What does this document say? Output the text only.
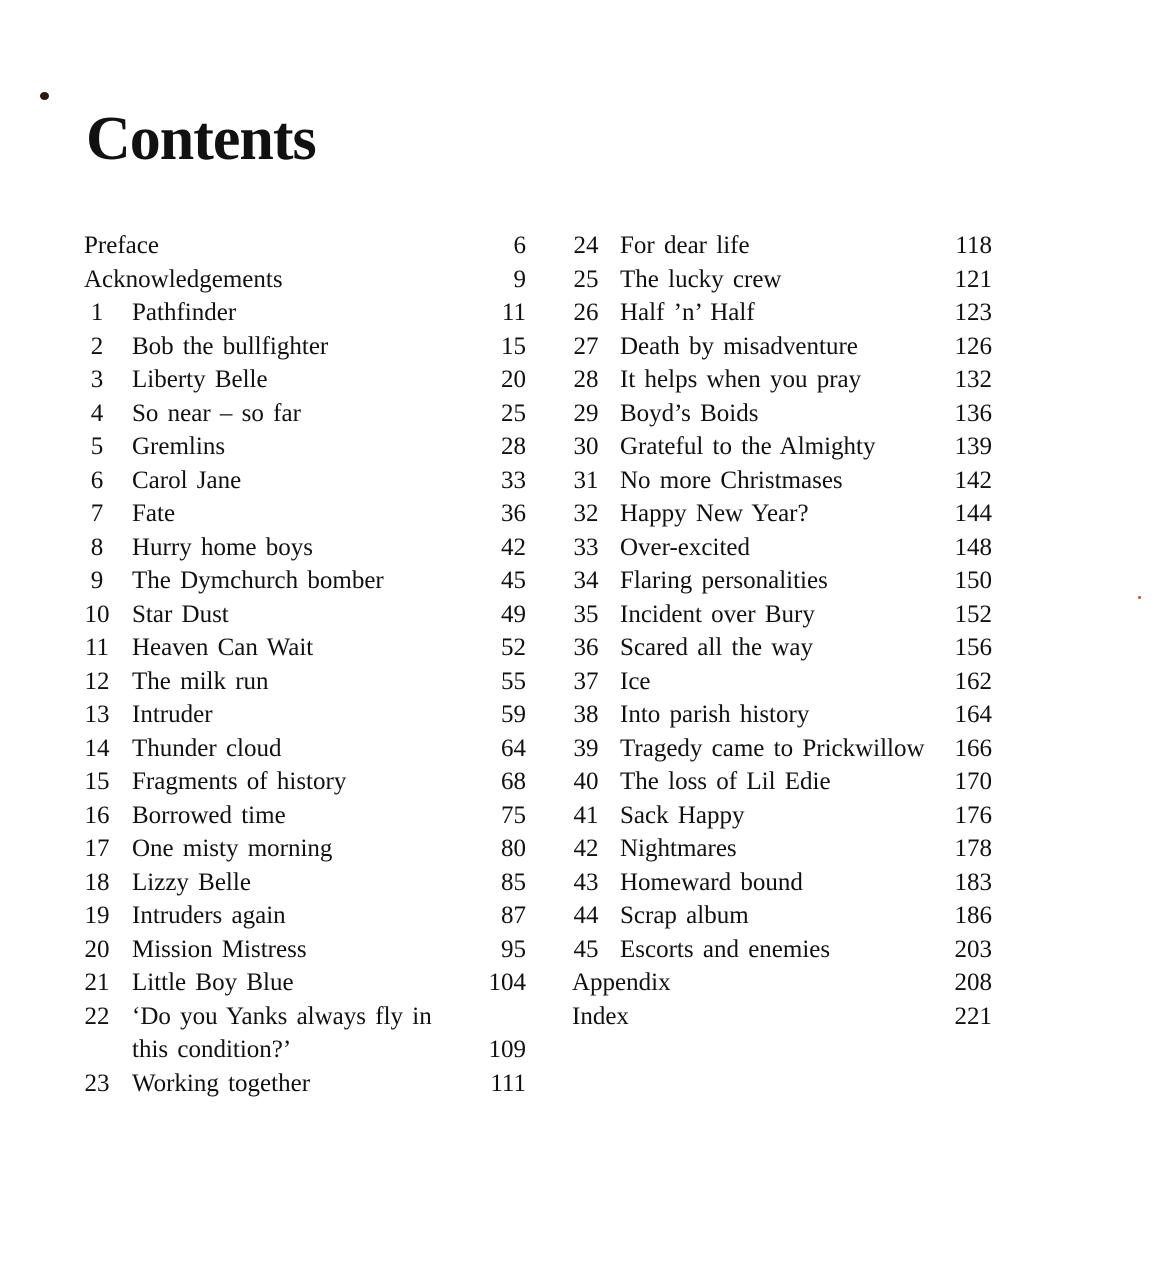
Contents
Preface	6
Acknowledgements	9
1	Pathfinder	11
2	Bob the bullfighter	15
3	Liberty Belle	20
4	So near – so far	25
5	Gremlins	28
6	Carol Jane	33
7	Fate	36
8	Hurry home boys	42
9	The Dymchurch bomber	45
10 Star Dust	49
11 Heaven Can Wait	52
12 The milk run	55
13 Intruder	59
14 Thunder cloud	64
15 Fragments of history	68
16 Borrowed time	75
17 One misty morning	80
18 Lizzy Belle	85
19 Intruders again	87
20 Mission Mistress	95
21 Little Boy Blue	104
22 ‘Do you Yanks always fly in this condition?’	109
23 Working together	111
24 For dear life	118
25 The lucky crew	121
26 Half ’n’ Half	123
27 Death by misadventure	126
28 It helps when you pray	132
29 Boyd’s Boids	136
30 Grateful to the Almighty	139
31 No more Christmases	142
32 Happy New Year?	144
33 Over-excited	148
34 Flaring personalities	150
35 Incident over Bury	152
36 Scared all the way	156
37 Ice	162
38 Into parish history	164
39 Tragedy came to Prickwillow	166
40 The loss of Lil Edie	170
41 Sack Happy	176
42 Nightmares	178
43 Homeward bound	183
44 Scrap album	186
45 Escorts and enemies	203
Appendix	208
Index	221
